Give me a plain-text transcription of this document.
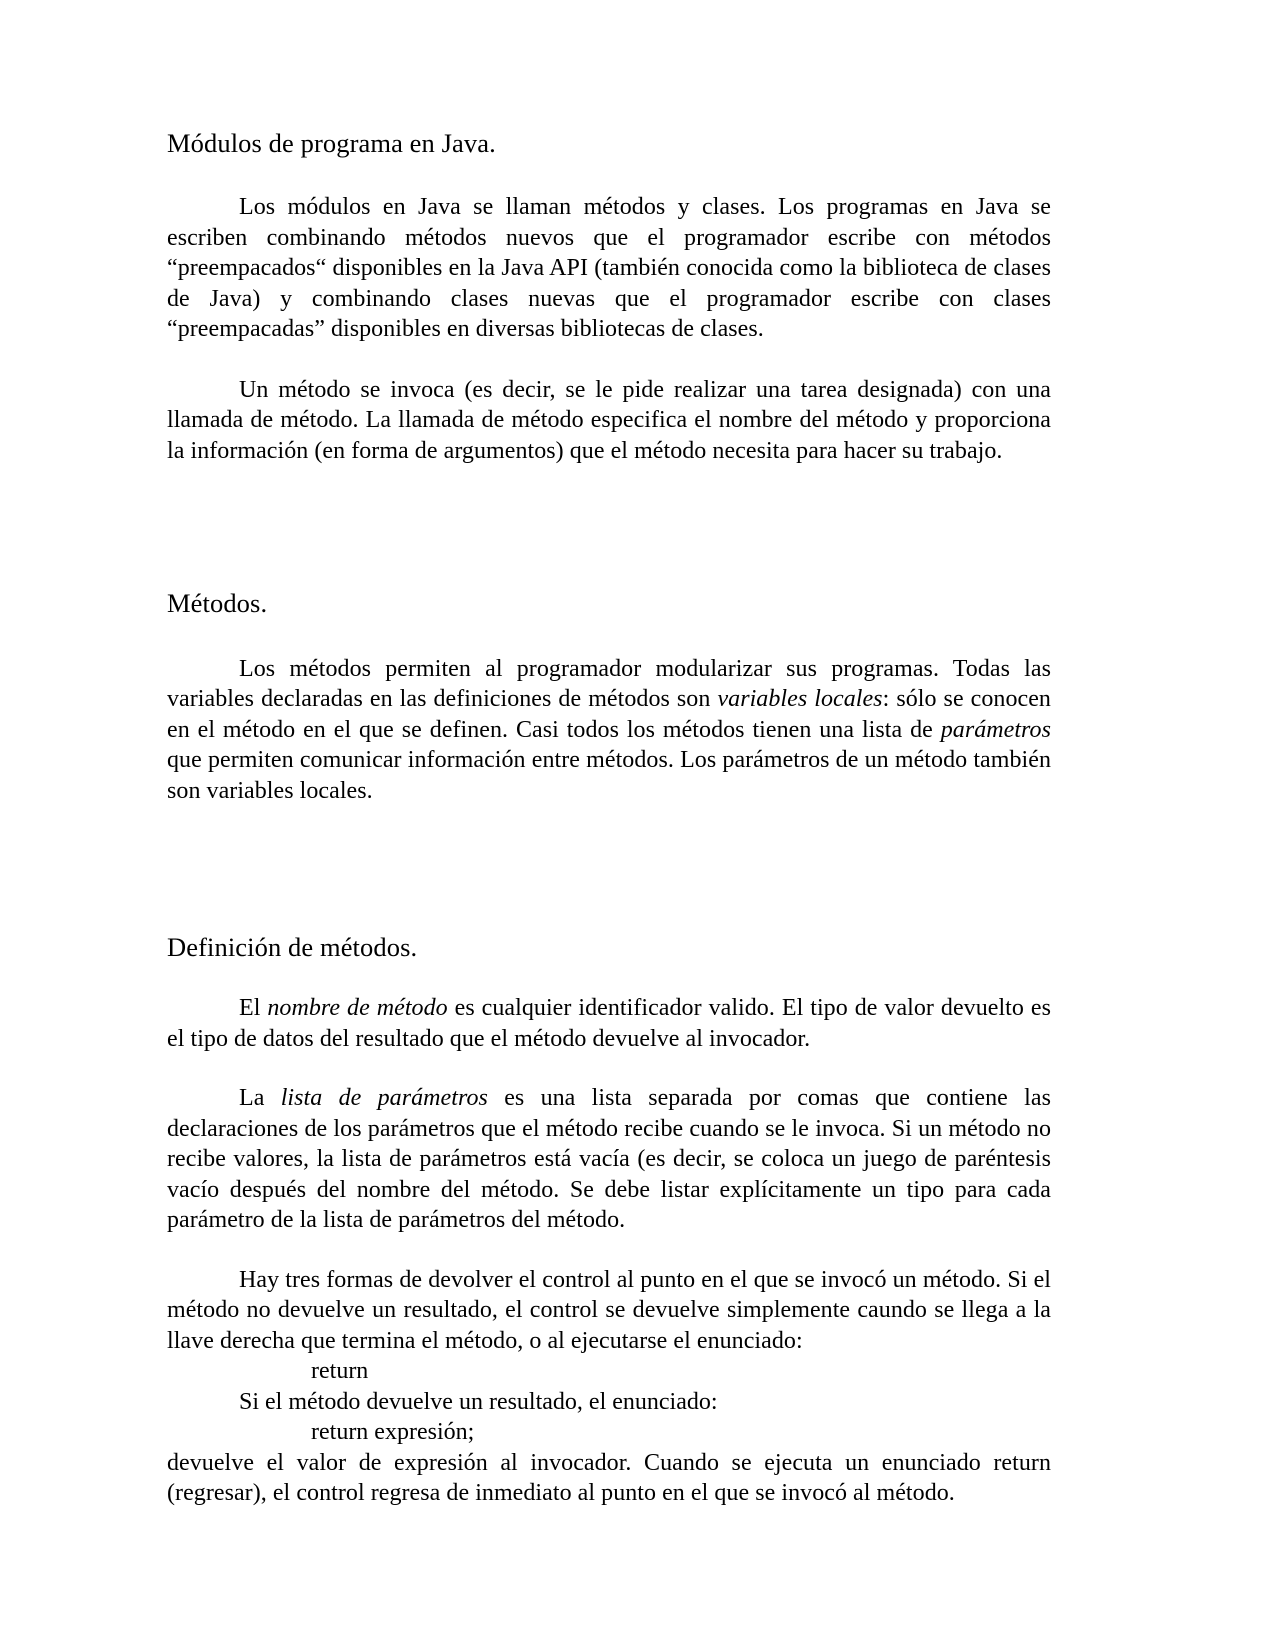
Módulos de programa en Java.

Los módulos en Java se llaman métodos y clases. Los programas en Java se escriben combinando métodos nuevos que el programador escribe con métodos “preempacados“ disponibles en la Java API (también conocida como la biblioteca de clases de Java) y combinando clases nuevas que el programador escribe con clases “preempacadas” disponibles en diversas bibliotecas de clases.

Un método se invoca (es decir, se le pide realizar una tarea designada) con una llamada de método. La llamada de método especifica el nombre del método y proporciona la información (en forma de argumentos) que el método necesita para hacer su trabajo.

Métodos.

Los métodos permiten al programador modularizar sus programas. Todas las variables declaradas en las definiciones de métodos son variables locales: sólo se conocen en el método en el que se definen. Casi todos los métodos tienen una lista de parámetros que permiten comunicar información entre métodos. Los parámetros de un método también son variables locales.

Definición de métodos.

El nombre de método es cualquier identificador valido. El tipo de valor devuelto es el tipo de datos del resultado que el método devuelve al invocador.

La lista de parámetros es una lista separada por comas que contiene las declaraciones de los parámetros que el método recibe cuando se le invoca. Si un método no recibe valores, la lista de parámetros está vacía (es decir, se coloca un juego de paréntesis vacío después del nombre del método. Se debe listar explícitamente un tipo para cada parámetro de la lista de parámetros del método.

Hay tres formas de devolver el control al punto en el que se invocó un método. Si el método no devuelve un resultado, el control se devuelve simplemente caundo se llega a la llave derecha que termina el método, o al ejecutarse el enunciado:

return
Si el método devuelve un resultado, el enunciado:
return expresión;

devuelve el valor de expresión al invocador. Cuando se ejecuta un enunciado return (regresar), el control regresa de inmediato al punto en el que se invocó al método.
